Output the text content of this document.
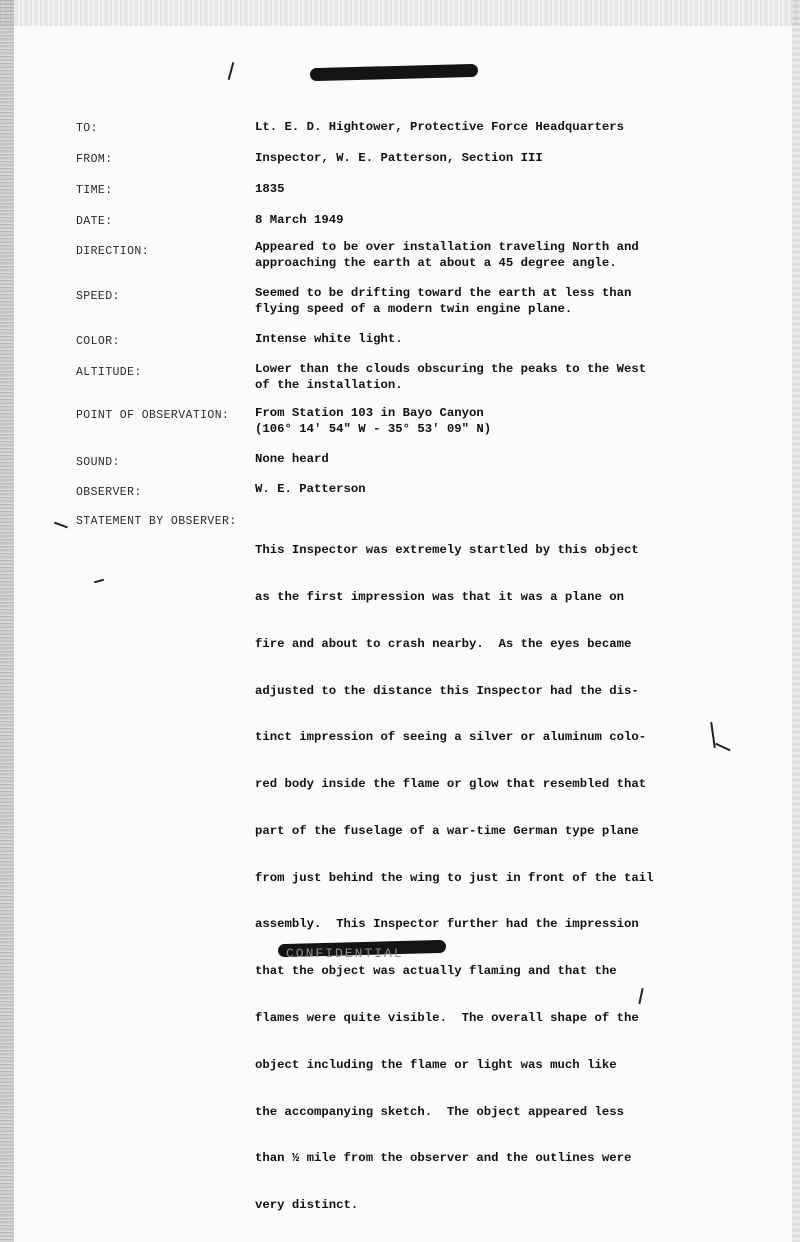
TO:	Lt. E. D. Hightower, Protective Force Headquarters
FROM:	Inspector, W. E. Patterson, Section III
TIME:	1835
DATE:	8 March 1949
DIRECTION:	Appeared to be over installation traveling North and
approaching the earth at about a 45 degree angle.
SPEED:	Seemed to be drifting toward the earth at less than
flying speed of a modern twin engine plane.
COLOR:	Intense white light.
ALTITUDE:	Lower than the clouds obscuring the peaks to the West
of the installation.
POINT OF OBSERVATION: From Station 103 in Bayo Canyon
(106° 14' 54" W - 35° 53' 09" N)
SOUND:	None heard
OBSERVER:	W. E. Patterson
STATEMENT BY OBSERVER:

This Inspector was extremely startled by this object

as the first impression was that it was a plane on

fire and about to crash nearby.  As the eyes became

adjusted to the distance this Inspector had the dis-

tinct impression of seeing a silver or aluminum colo-

red body inside the flame or glow that resembled that

part of the fuselage of a war-time German type plane

from just behind the wing to just in front of the tail

assembly.  This Inspector further had the impression

that the object was actually flaming and that the

flames were quite visible.  The overall shape of the

object including the flame or light was much like

the accompanying sketch.  The object appeared less

than ½ mile from the observer and the outlines were

very distinct.

CONFIDENTIAL
